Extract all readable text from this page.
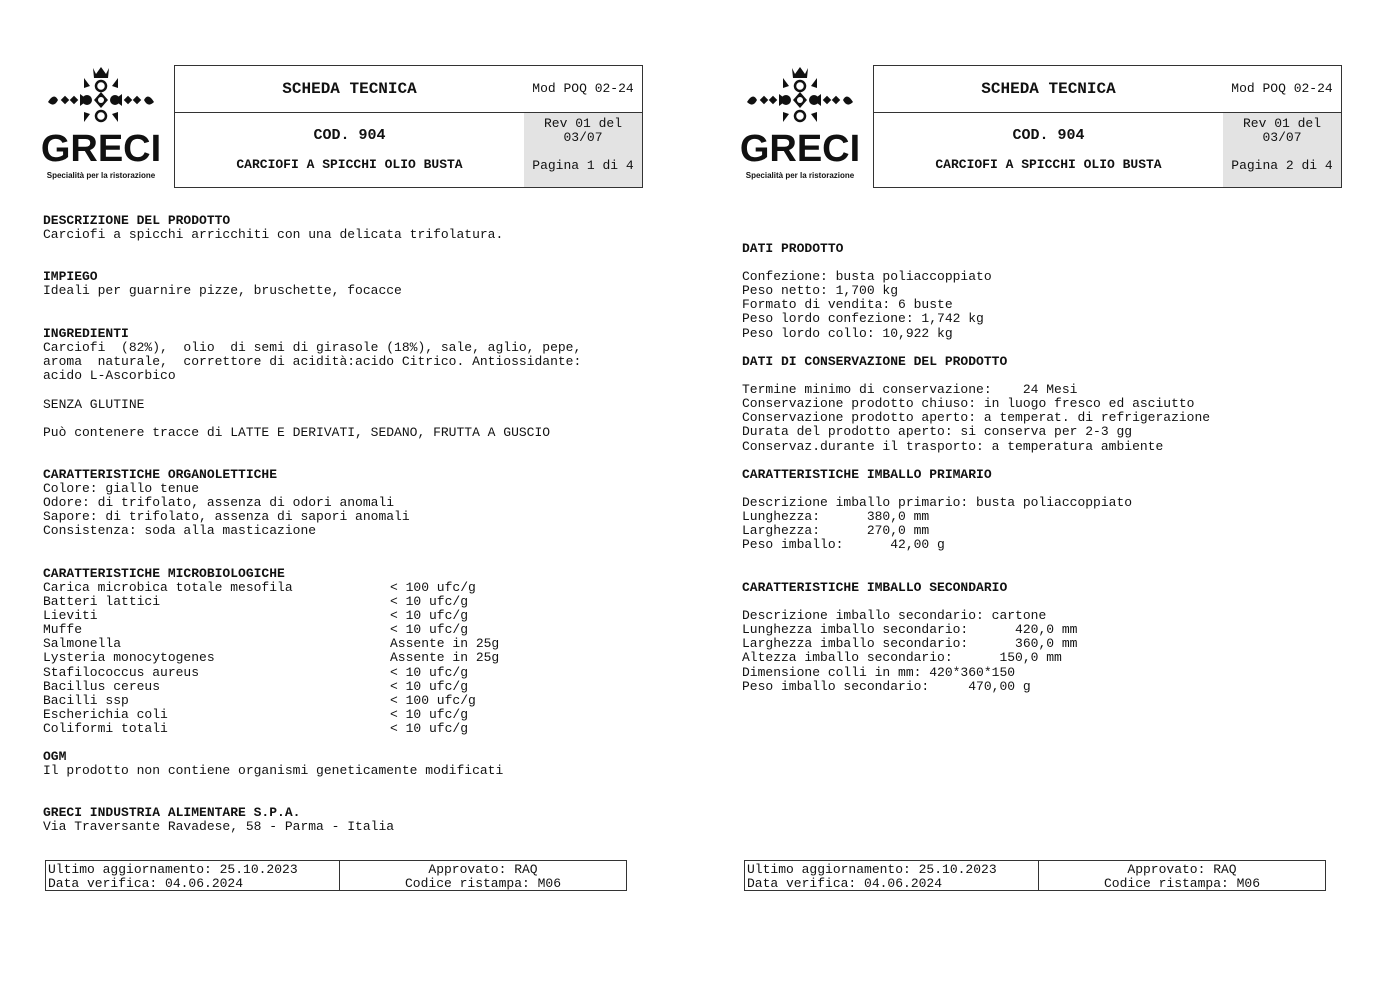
GRECI
Specialità per la ristorazione
SCHEDA TECNICA
COD. 904
CARCIOFI A SPICCHI OLIO BUSTA
Mod POQ 02-24
Rev 01 del 03/07
Pagina 1 di 4
DESCRIZIONE DEL PRODOTTO
Carciofi a spicchi arricchiti con una delicata trifolatura.
IMPIEGO
Ideali per guarnire pizze, bruschette, focacce
INGREDIENTI
Carciofi  (82%),  olio  di semi di girasole (18%), sale, aglio, pepe,
aroma  naturale,  correttore di acidità:acido Citrico. Antiossidante:
acido L-Ascorbico
SENZA GLUTINE
Può contenere tracce di LATTE E DERIVATI, SEDANO, FRUTTA A GUSCIO
CARATTERISTICHE ORGANOLETTICHE
Colore: giallo tenue
Odore: di trifolato, assenza di odori anomali
Sapore: di trifolato, assenza di sapori anomali
Consistenza: soda alla masticazione
CARATTERISTICHE MICROBIOLOGICHE
Carica microbica totale mesofila
Batteri lattici
Lieviti
Muffe
Salmonella
Lysteria monocytogenes
Stafilococcus aureus
Bacillus cereus
Bacilli ssp
Escherichia coli
Coliformi totali
< 100 ufc/g
< 10 ufc/g
< 10 ufc/g
< 10 ufc/g
Assente in 25g
Assente in 25g
< 10 ufc/g
< 10 ufc/g
< 100 ufc/g
< 10 ufc/g
< 10 ufc/g
OGM
Il prodotto non contiene organismi geneticamente modificati
GRECI INDUSTRIA ALIMENTARE S.P.A.
Via Traversante Ravadese, 58 - Parma - Italia
Ultimo aggiornamento: 25.10.2023
Data verifica: 04.06.2024
Approvato: RAQ
Codice ristampa: M06
GRECI
Specialità per la ristorazione
SCHEDA TECNICA
COD. 904
CARCIOFI A SPICCHI OLIO BUSTA
Mod POQ 02-24
Rev 01 del 03/07
Pagina 2 di 4
DATI PRODOTTO

Confezione: busta poliaccoppiato
Peso netto: 1,700 kg
Formato di vendita: 6 buste
Peso lordo confezione: 1,742 kg
Peso lordo collo: 10,922 kg
DATI DI CONSERVAZIONE DEL PRODOTTO

Termine minimo di conservazione:    24 Mesi
Conservazione prodotto chiuso: in luogo fresco ed asciutto
Conservazione prodotto aperto: a temperat. di refrigerazione
Durata del prodotto aperto: si conserva per 2-3 gg
Conservaz.durante il trasporto: a temperatura ambiente
CARATTERISTICHE IMBALLO PRIMARIO

Descrizione imballo primario: busta poliaccoppiato
Lunghezza:      380,0 mm
Larghezza:      270,0 mm
Peso imballo:      42,00 g
CARATTERISTICHE IMBALLO SECONDARIO

Descrizione imballo secondario: cartone
Lunghezza imballo secondario:      420,0 mm
Larghezza imballo secondario:      360,0 mm
Altezza imballo secondario:      150,0 mm
Dimensione colli in mm: 420*360*150
Peso imballo secondario:     470,00 g
Ultimo aggiornamento: 25.10.2023
Data verifica: 04.06.2024
Approvato: RAQ
Codice ristampa: M06
